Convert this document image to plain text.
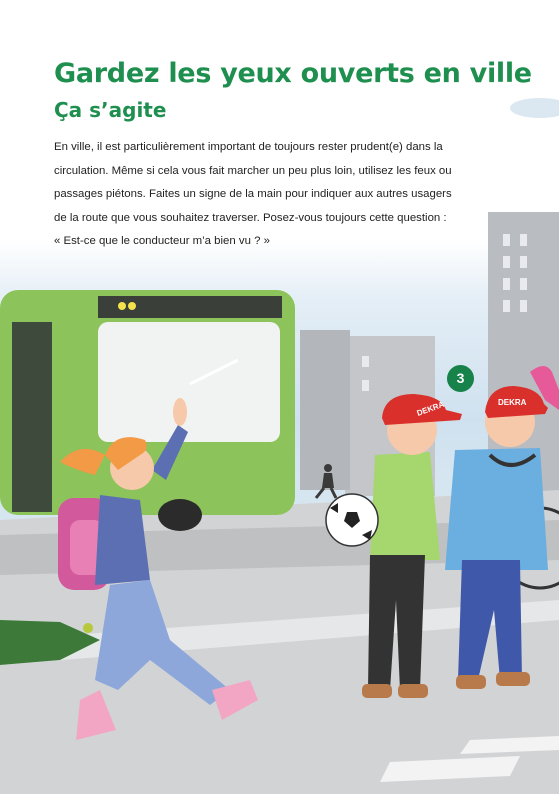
DEKRA	DEKRA
Gardez les yeux ouverts en ville
Ça s’agite

En ville, il est particulièrement important de toujours rester prudent(e) dans la

circulation. Même si cela vous fait marcher un peu plus loin, utilisez les feux ou

passages piétons. Faites un signe de la main pour indiquer aux autres usagers

de la route que vous souhaitez traverser. Posez-vous toujours cette question :

« Est-ce que le conducteur m’a bien vu ? »

3
